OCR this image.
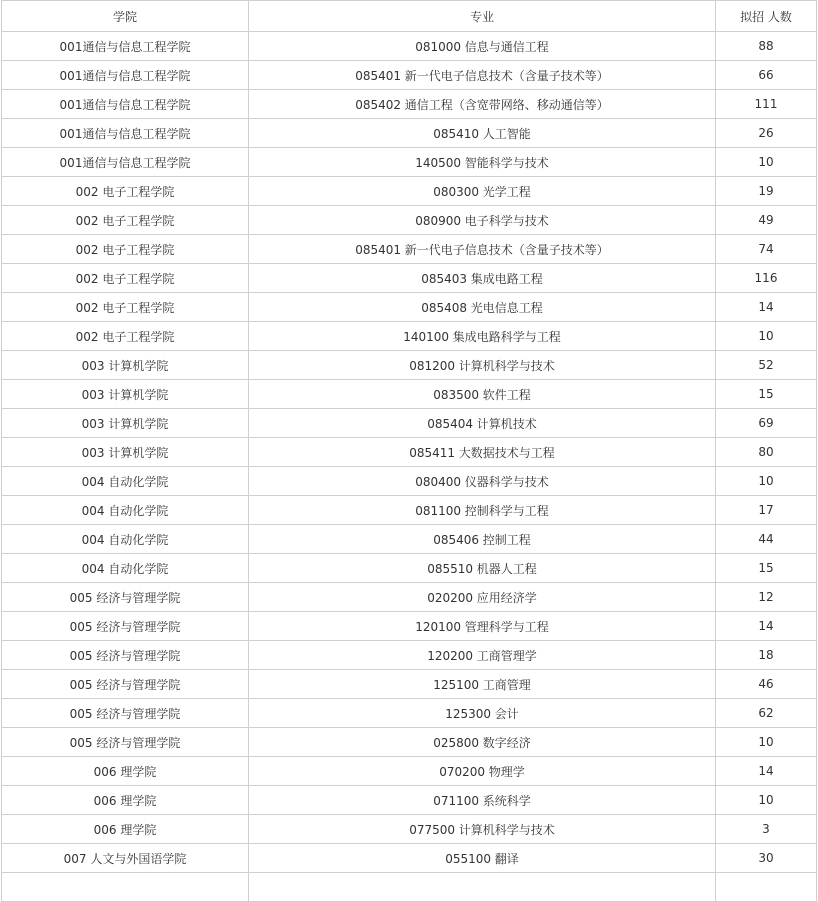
学院	专业	拟招 人数
001通信与信息工程学院	081000 信息与通信工程	88
001通信与信息工程学院	085401 新一代电子信息技术（含量子技术等）	66
001通信与信息工程学院	085402 通信工程（含宽带网络、移动通信等）	111
001通信与信息工程学院	085410 人工智能	26
001通信与信息工程学院	140500 智能科学与技术	10
002 电子工程学院	080300 光学工程	19
002 电子工程学院	080900 电子科学与技术	49
002 电子工程学院	085401 新一代电子信息技术（含量子技术等）	74
002 电子工程学院	085403 集成电路工程	116
002 电子工程学院	085408 光电信息工程	14
002 电子工程学院	140100 集成电路科学与工程	10
003 计算机学院	081200 计算机科学与技术	52
003 计算机学院	083500 软件工程	15
003 计算机学院	085404 计算机技术	69
003 计算机学院	085411 大数据技术与工程	80
004 自动化学院	080400 仪器科学与技术	10
004 自动化学院	081100 控制科学与工程	17
004 自动化学院	085406 控制工程	44
004 自动化学院	085510 机器人工程	15
005 经济与管理学院	020200 应用经济学	12
005 经济与管理学院	120100 管理科学与工程	14
005 经济与管理学院	120200 工商管理学	18
005 经济与管理学院	125100 工商管理	46
005 经济与管理学院	125300 会计	62
005 经济与管理学院	025800 数字经济	10
006 理学院	070200 物理学	14
006 理学院	071100 系统科学	10
006 理学院	077500 计算机科学与技术	3
007 人文与外国语学院	055100 翻译	30
